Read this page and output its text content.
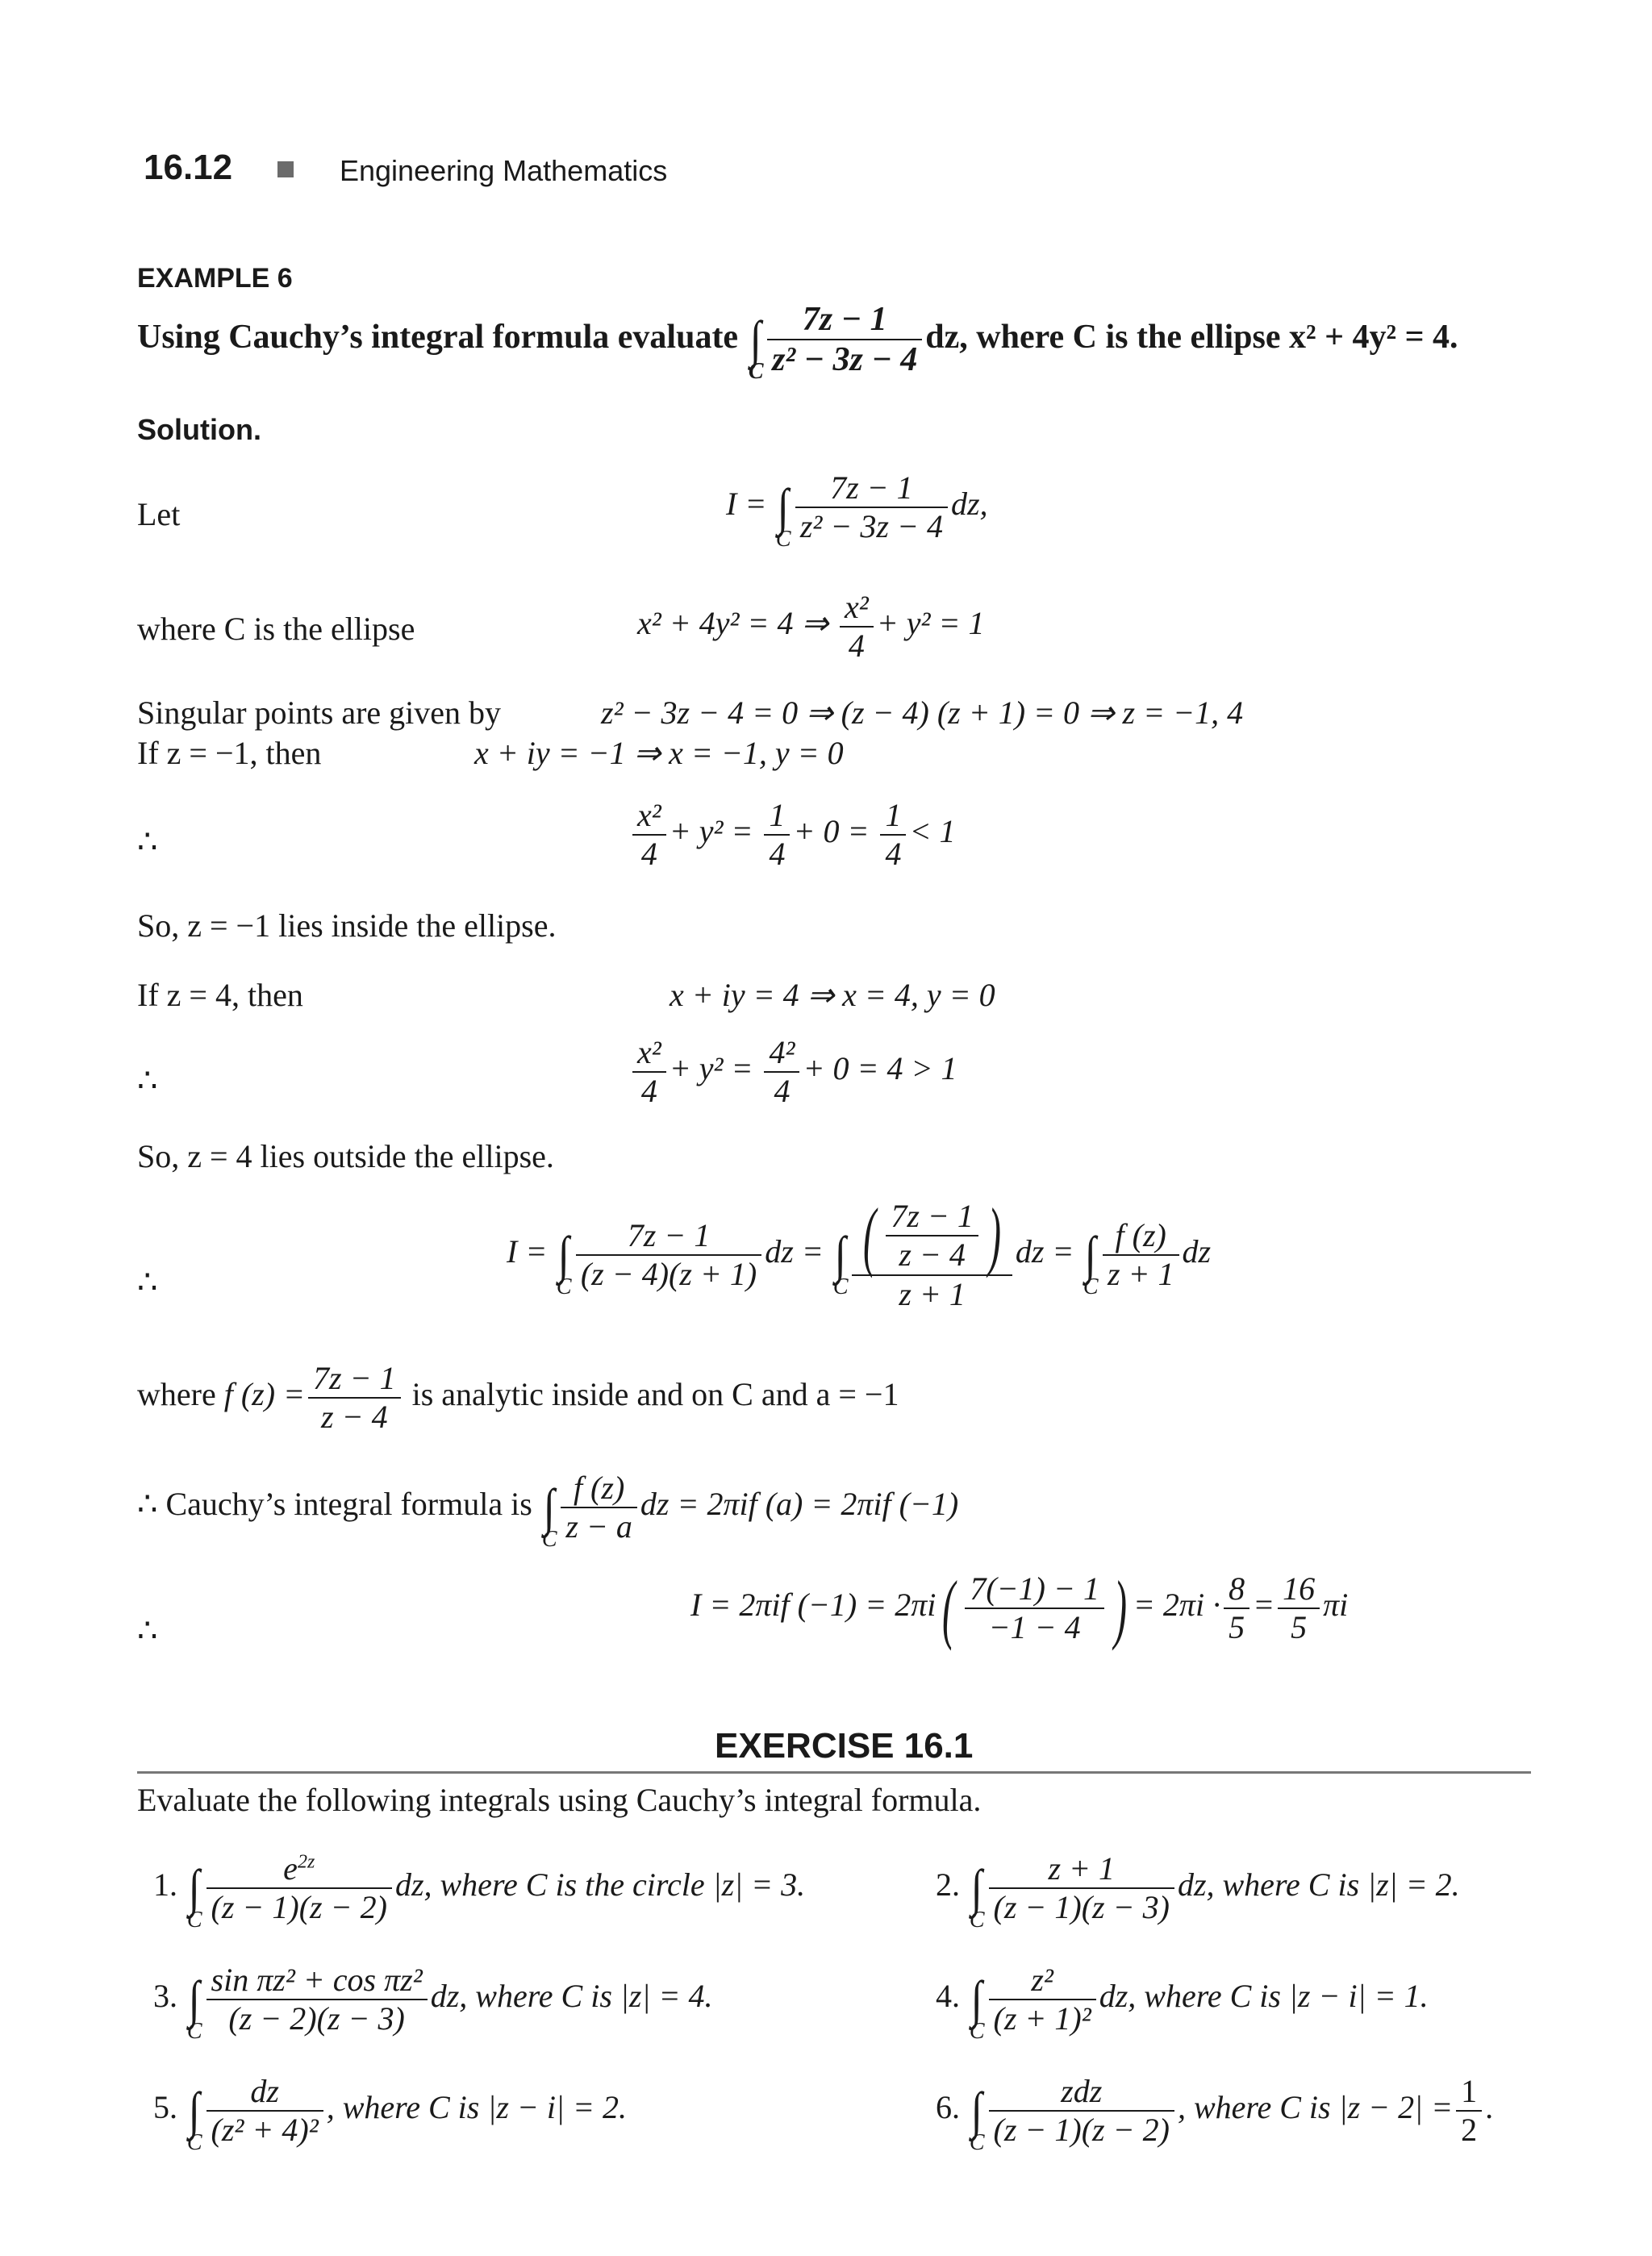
16.12	Engineering Mathematics
EXAMPLE 6
Using Cauchy’s integral formula evaluate ∫
C $\frac{7z - 1}{\text{z² − 3z − 4}}$ dz, where C is the ellipse x² + 4y² = 4.
Solution.
Let	I = ∫
C $\frac{7z - 1}{\text{z² − 3z − 4}}$ dz,
where C is the ellipse	x² + 4y² = 4 ⇒ $\frac{\text{x²}}{4} + y^2 = 1$
Singular points are given by	z² − 3z − 4 = 0 ⇒ (z − 4) (z + 1) = 0 ⇒ z = −1, 4
If z = −1, then	x + iy = −1 ⇒ x = −1, y = 0
∴	$\frac{\text{x²}}{4} + y^2 = \frac{1}{4} + 0 = \frac{1}{4} < 1$
So, z = −1 lies inside the ellipse.
If z = 4, then	x + iy = 4 ⇒ x = 4, y = 0
∴	$\frac{\text{x²}}{4} + y^2 = \frac{\text{4²}}{4} + 0 = 4 > 1$
So, z = 4 lies outside the ellipse.
∴
I = ∫
C $\frac{7z - 1}{(z - 4)(z + 1)}$ dz = ∫
C $\frac{( \frac{7z - 1}{z - 4} )}{z + 1}$ dz = ∫
C $\frac{f (z)}{z + 1}$ dz
where f $(z) = \frac{7z - 1}{z - 4}$ is analytic inside and on C and a = −1
∴ Cauchy’s integral formula is ∫
C $\frac{f (z)}{z - a}$ dz = 2πif (a) = 2πif (−1)
∴
I = 2πif $(-1) = 2\pi i( \frac{7(-1) - 1}{-1 - 4}$ ) = $2\pi i \cdot \frac{8}{5} = \frac{16}{5}$ πi
EXERCISE 16.1
Evaluate the following integrals using Cauchy’s integral formula.
1. ∫
C $\frac{e^{2z}}{(z - 1)(z - 2)}$ dz, where C is the circle |z| = 3.	2. ∫
C $\frac{z + 1}{(z - 1)(z - 3)}$ dz, where C is |z| = 2.
3. ∫
C $\frac{\text{sin πz² + cos πz²}}{(z - 2)(z - 3)}$ dz, where C is |z| = 4.	4. ∫
C $\frac{\text{z²}}{\text{(z + 1)²}}$ dz, where C is |z − i| = 1.
5. ∫
C $\frac{dz}{\text{(z² + 4)²}}$ , where C is |z − i| = 2.	6. ∫
C $\frac{\text{zdz}}{(z - 1)(z - 2)}$ , where C is $|z - 2| = \frac{1}{2}$ .
